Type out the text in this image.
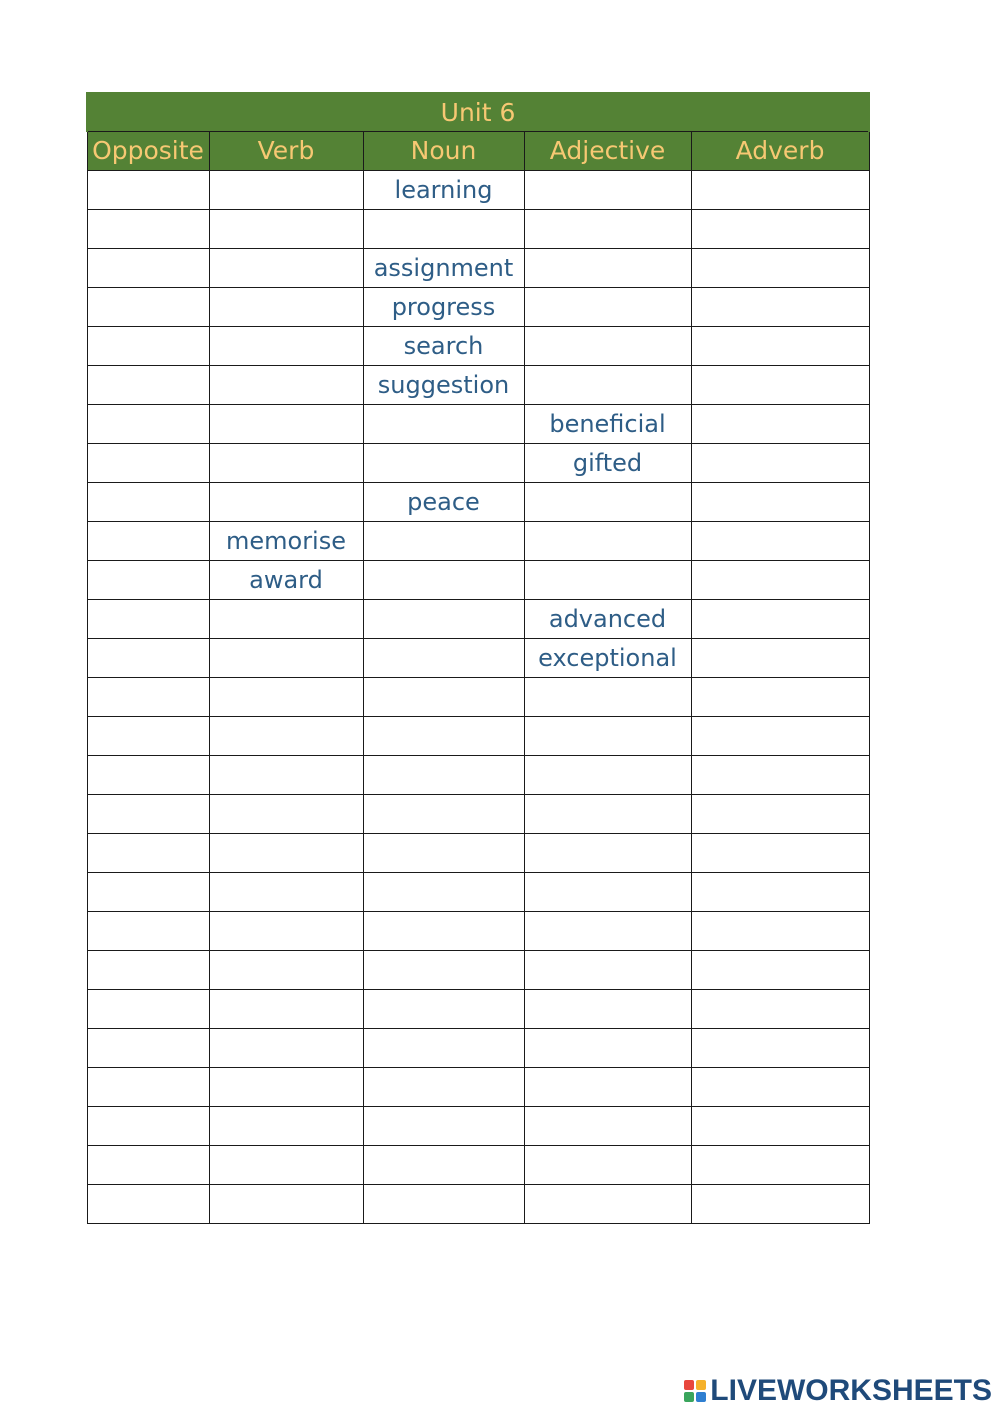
Unit 6				
Opposite	Verb	Noun	Adjective	Adverb
		learning		

		assignment		
		progress		
		search		
		suggestion		
			beneficial	
			gifted	
		peace		
	memorise			
	award			
			advanced	
			exceptional	

LIVEWORKSHEETS
